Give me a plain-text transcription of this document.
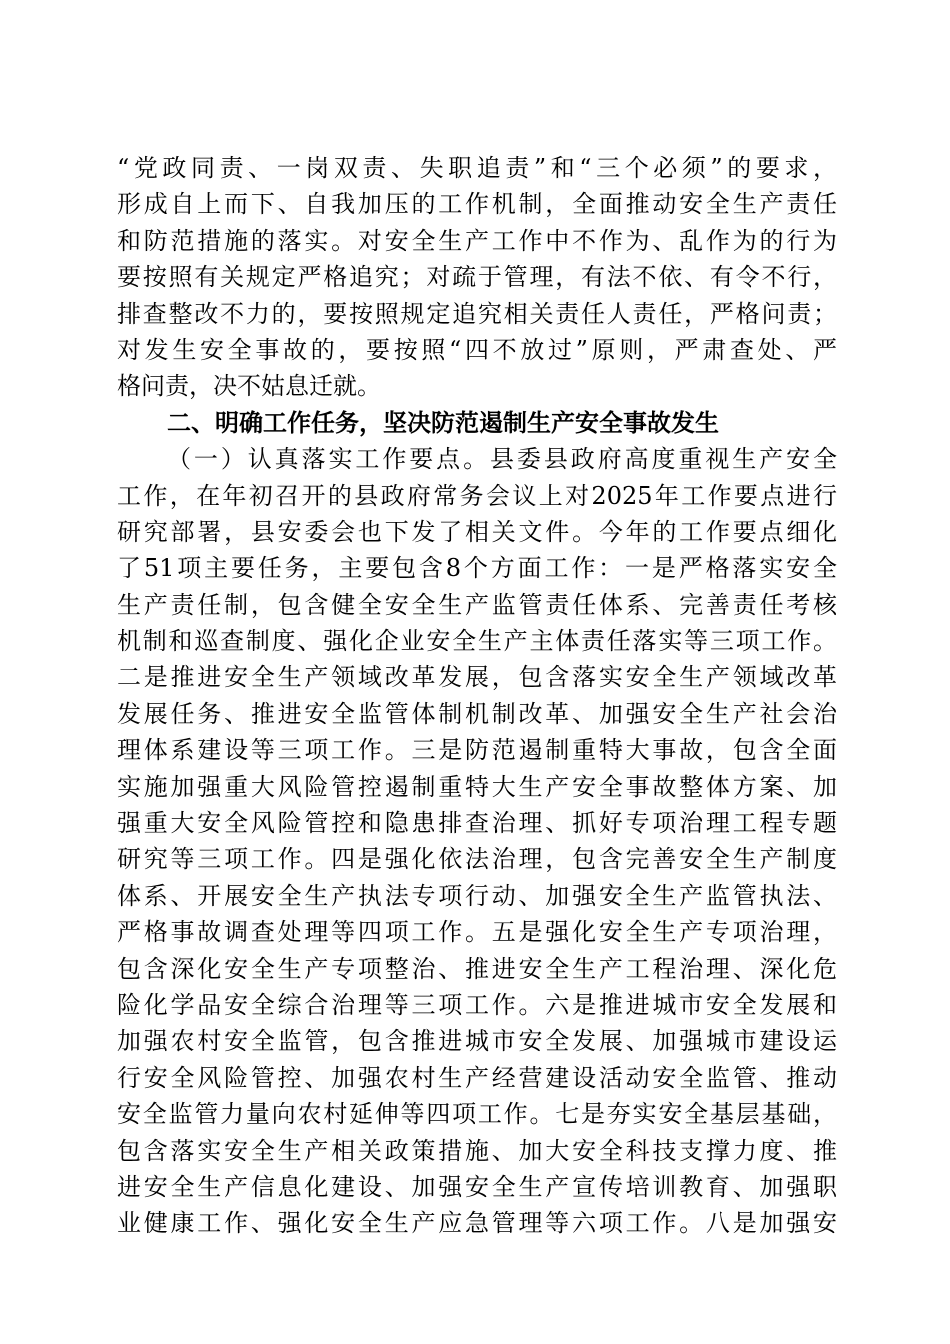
“党政同责、一岗双责、失职追责”和“三个必须”的要求，
形成自上而下、自我加压的工作机制，全面推动安全生产责任
和防范措施的落实。对安全生产工作中不作为、乱作为的行为
要按照有关规定严格追究；对疏于管理，有法不依、有令不行，
排查整改不力的，要按照规定追究相关责任人责任，严格问责；
对发生安全事故的，要按照“四不放过”原则，严肃查处、严
格问责，决不姑息迁就。
二、明确工作任务，坚决防范遏制生产安全事故发生
（一）认真落实工作要点。县委县政府高度重视生产安全
工作，在年初召开的县政府常务会议上对2025年工作要点进行
研究部署，县安委会也下发了相关文件。今年的工作要点细化
了51项主要任务，主要包含8个方面工作：一是严格落实安全
生产责任制，包含健全安全生产监管责任体系、完善责任考核
机制和巡查制度、强化企业安全生产主体责任落实等三项工作。
二是推进安全生产领域改革发展，包含落实安全生产领域改革
发展任务、推进安全监管体制机制改革、加强安全生产社会治
理体系建设等三项工作。三是防范遏制重特大事故，包含全面
实施加强重大风险管控遏制重特大生产安全事故整体方案、加
强重大安全风险管控和隐患排查治理、抓好专项治理工程专题
研究等三项工作。四是强化依法治理，包含完善安全生产制度
体系、开展安全生产执法专项行动、加强安全生产监管执法、
严格事故调查处理等四项工作。五是强化安全生产专项治理，
包含深化安全生产专项整治、推进安全生产工程治理、深化危
险化学品安全综合治理等三项工作。六是推进城市安全发展和
加强农村安全监管，包含推进城市安全发展、加强城市建设运
行安全风险管控、加强农村生产经营建设活动安全监管、推动
安全监管力量向农村延伸等四项工作。七是夯实安全基层基础，
包含落实安全生产相关政策措施、加大安全科技支撑力度、推
进安全生产信息化建设、加强安全生产宣传培训教育、加强职
业健康工作、强化安全生产应急管理等六项工作。八是加强安
